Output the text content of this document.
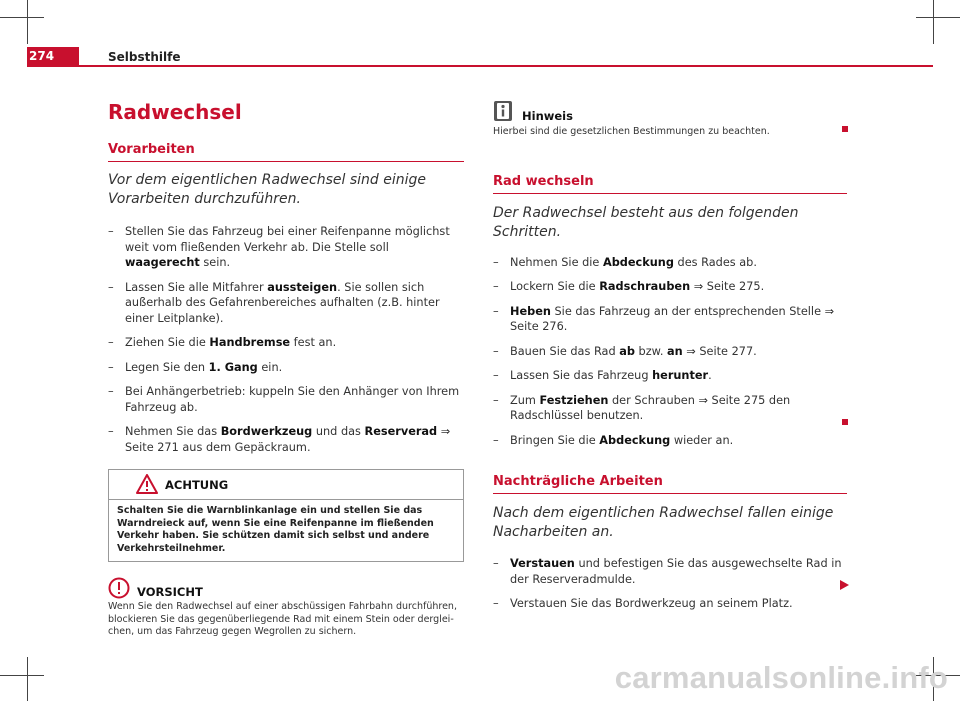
274	Selbsthilfe
Radwechsel
Vorarbeiten
Vor dem eigentlichen Radwechsel sind einige Vorarbeiten durchzuführen.
– Stellen Sie das Fahrzeug bei einer Reifenpanne möglichst weit vom fließenden Verkehr ab. Die Stelle soll waagerecht sein.
– Lassen Sie alle Mitfahrer aussteigen. Sie sollen sich außerhalb des Gefahrenbereiches aufhalten (z.B. hinter einer Leitplanke).
– Ziehen Sie die Handbremse fest an.
– Legen Sie den 1. Gang ein.
– Bei Anhängerbetrieb: kuppeln Sie den Anhänger von Ihrem Fahrzeug ab.
– Nehmen Sie das Bordwerkzeug und das Reserverad ⇒ Seite 271 aus dem Gepäckraum.
ACHTUNG
Schalten Sie die Warnblinkanlage ein und stellen Sie das Warndreieck auf, wenn Sie eine Reifenpanne im fließenden Verkehr haben. Sie schützen damit sich selbst und andere Verkehrsteilnehmer.
VORSICHT
Wenn Sie den Radwechsel auf einer abschüssigen Fahrbahn durchführen, blockieren Sie das gegenüberliegende Rad mit einem Stein oder dergleichen, um das Fahrzeug gegen Wegrollen zu sichern.
Hinweis
Hierbei sind die gesetzlichen Bestimmungen zu beachten.
Rad wechseln
Der Radwechsel besteht aus den folgenden Schritten.
– Nehmen Sie die Abdeckung des Rades ab.
– Lockern Sie die Radschrauben ⇒ Seite 275.
– Heben Sie das Fahrzeug an der entsprechenden Stelle ⇒ Seite 276.
– Bauen Sie das Rad ab bzw. an ⇒ Seite 277.
– Lassen Sie das Fahrzeug herunter.
– Zum Festziehen der Schrauben ⇒ Seite 275 den Radschlüssel benutzen.
– Bringen Sie die Abdeckung wieder an.
Nachträgliche Arbeiten
Nach dem eigentlichen Radwechsel fallen einige Nacharbeiten an.
– Verstauen und befestigen Sie das ausgewechselte Rad in der Reserveradmulde.
– Verstauen Sie das Bordwerkzeug an seinem Platz.
carmanualsonline.info
